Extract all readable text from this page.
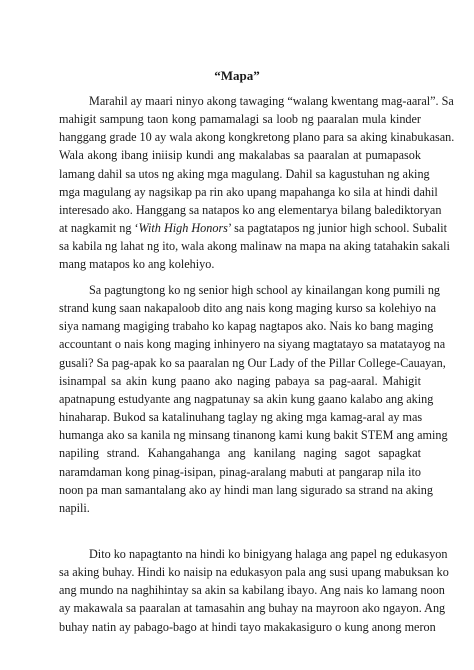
“Mapa”
Marahil ay maari ninyo akong tawaging “walang kwentang mag-aaral”. Sa
mahigit sampung taon kong pamamalagi sa loob ng paaralan mula kinder
hanggang grade 10 ay wala akong kongkretong plano para sa aking kinabukasan.
Wala akong ibang iniisip kundi ang makalabas sa paaralan at pumapasok
lamang dahil sa utos ng aking mga magulang. Dahil sa kagustuhan ng aking
mga magulang ay nagsikap pa rin ako upang mapahanga ko sila at hindi dahil
interesado ako. Hanggang sa natapos ko ang elementarya bilang balediktoryan
at nagkamit ng ‘With High Honors’ sa pagtatapos ng junior high school. Subalit
sa kabila ng lahat ng ito, wala akong malinaw na mapa na aking tatahakin sakali
mang matapos ko ang kolehiyo.
Sa pagtungtong ko ng senior high school ay kinailangan kong pumili ng
strand kung saan nakapaloob dito ang nais kong maging kurso sa kolehiyo na
siya namang magiging trabaho ko kapag nagtapos ako. Nais ko bang maging
accountant o nais kong maging inhinyero na siyang magtatayo sa matatayog na
gusali? Sa pag-apak ko sa paaralan ng Our Lady of the Pillar College-Cauayan,
isinampal sa akin kung paano ako naging pabaya sa pag-aaral. Mahigit
apatnapung estudyante ang nagpatunay sa akin kung gaano kalabo ang aking
hinaharap. Bukod sa katalinuhang taglay ng aking mga kamag-aral ay mas
humanga ako sa kanila ng minsang tinanong kami kung bakit STEM ang aming
napiling strand. Kahangahanga ang kanilang naging sagot sapagkat
naramdaman kong pinag-isipan, pinag-aralang mabuti at pangarap nila ito
noon pa man samantalang ako ay hindi man lang sigurado sa strand na aking
napili.
Dito ko napagtanto na hindi ko binigyang halaga ang papel ng edukasyon
sa aking buhay. Hindi ko naisip na edukasyon pala ang susi upang mabuksan ko
ang mundo na naghihintay sa akin sa kabilang ibayo. Ang nais ko lamang noon
ay makawala sa paaralan at tamasahin ang buhay na mayroon ako ngayon. Ang
buhay natin ay pabago-bago at hindi tayo makakasiguro o kung anong meron
